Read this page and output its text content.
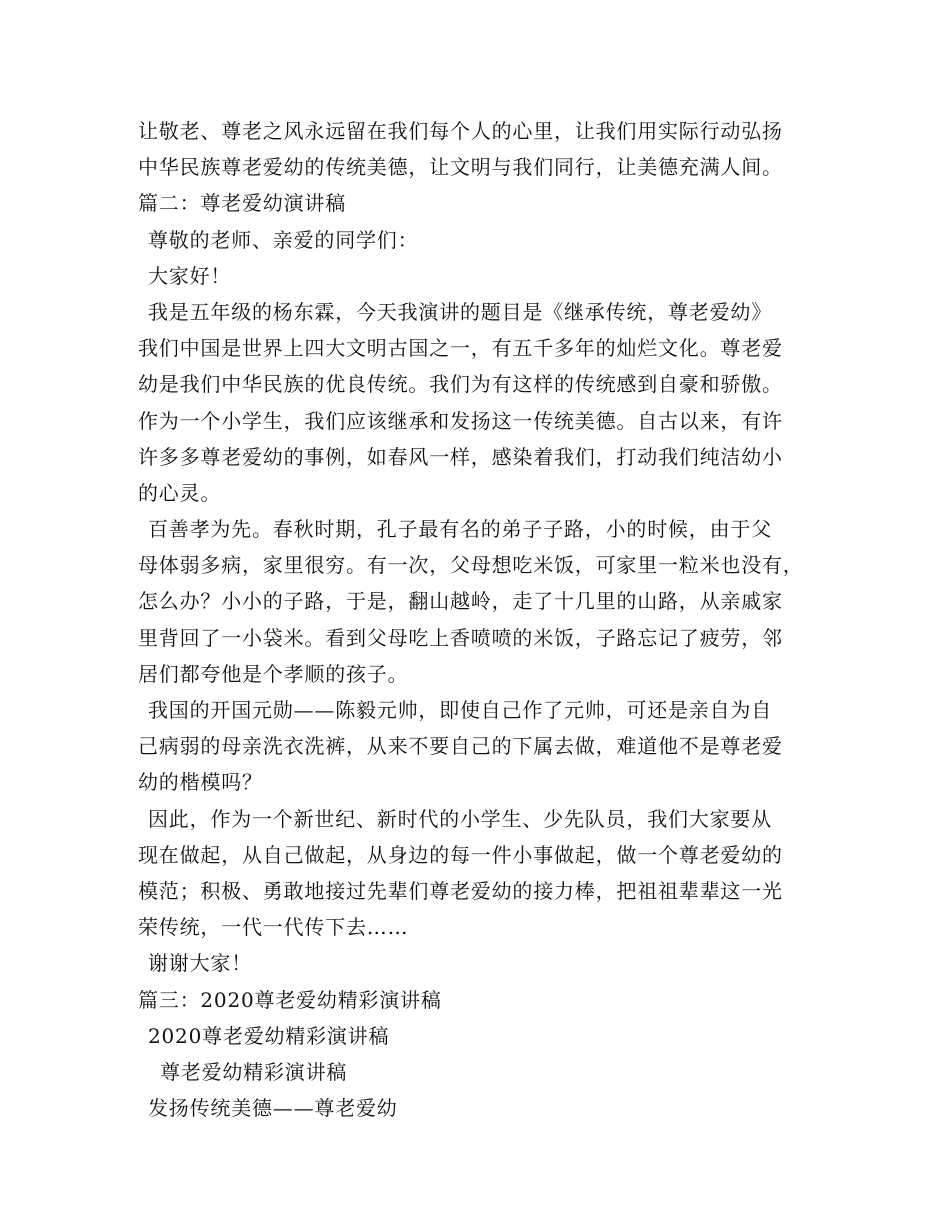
让敬老、尊老之风永远留在我们每个人的心里，让我们用实际行动弘扬
中华民族尊老爱幼的传统美德，让文明与我们同行，让美德充满人间。
篇二：尊老爱幼演讲稿
尊敬的老师、亲爱的同学们：
大家好！
我是五年级的杨东霖，今天我演讲的题目是《继承传统，尊老爱幼》
我们中国是世界上四大文明古国之一，有五千多年的灿烂文化。尊老爱
幼是我们中华民族的优良传统。我们为有这样的传统感到自豪和骄傲。
作为一个小学生，我们应该继承和发扬这一传统美德。自古以来，有许
许多多尊老爱幼的事例，如春风一样，感染着我们，打动我们纯洁幼小
的心灵。
百善孝为先。春秋时期，孔子最有名的弟子子路，小的时候，由于父
母体弱多病，家里很穷。有一次，父母想吃米饭，可家里一粒米也没有，
怎么办？小小的子路，于是，翻山越岭，走了十几里的山路，从亲戚家
里背回了一小袋米。看到父母吃上香喷喷的米饭，子路忘记了疲劳，邻
居们都夸他是个孝顺的孩子。
我国的开国元勋——陈毅元帅，即使自己作了元帅，可还是亲自为自
己病弱的母亲洗衣洗裤，从来不要自己的下属去做，难道他不是尊老爱
幼的楷模吗？
因此，作为一个新世纪、新时代的小学生、少先队员，我们大家要从
现在做起，从自己做起，从身边的每一件小事做起，做一个尊老爱幼的
模范；积极、勇敢地接过先辈们尊老爱幼的接力棒，把祖祖辈辈这一光
荣传统，一代一代传下去……
谢谢大家！
篇三：2020尊老爱幼精彩演讲稿
2020尊老爱幼精彩演讲稿
尊老爱幼精彩演讲稿
发扬传统美德——尊老爱幼
